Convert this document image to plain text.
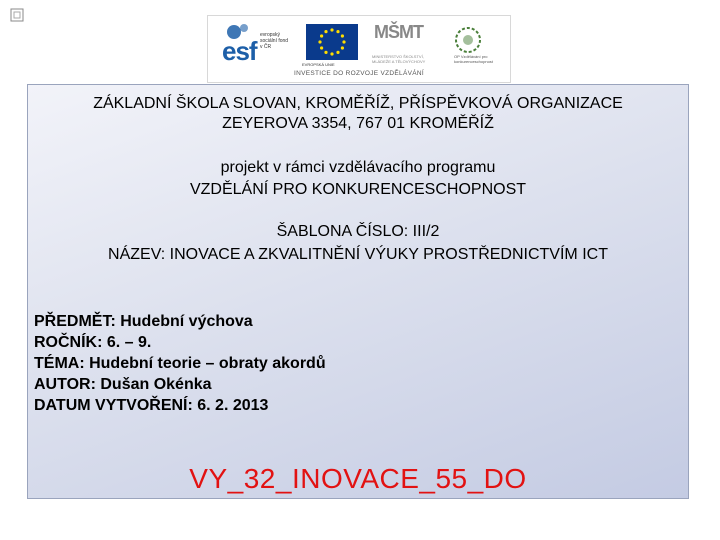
esf
evropský sociální fond v ČR
EVROPSKÁ UNIE
MŠMT
MINISTERSTVO ŠKOLSTVÍ, MLÁDEŽE A TĚLOVÝCHOVY
OP Vzdělávání pro konkurenceschopnost
INVESTICE DO ROZVOJE VZDĚLÁVÁNÍ

ZÁKLADNÍ ŠKOLA SLOVAN, KROMĚŘÍŽ, PŘÍSPĚVKOVÁ ORGANIZACE

ZEYEROVA 3354, 767 01 KROMĚŘÍŽ

projekt v rámci vzdělávacího programu

VZDĚLÁNÍ PRO KONKURENCESCHOPNOST

ŠABLONA ČÍSLO: III/2

NÁZEV: INOVACE A ZKVALITNĚNÍ VÝUKY PROSTŘEDNICTVÍM ICT

PŘEDMĚT: Hudební výchova

ROČNÍK: 6. – 9.

TÉMA: Hudební teorie – obraty akordů

AUTOR: Dušan Okénka

DATUM VYTVOŘENÍ: 6. 2. 2013

VY_32_INOVACE_55_DO
